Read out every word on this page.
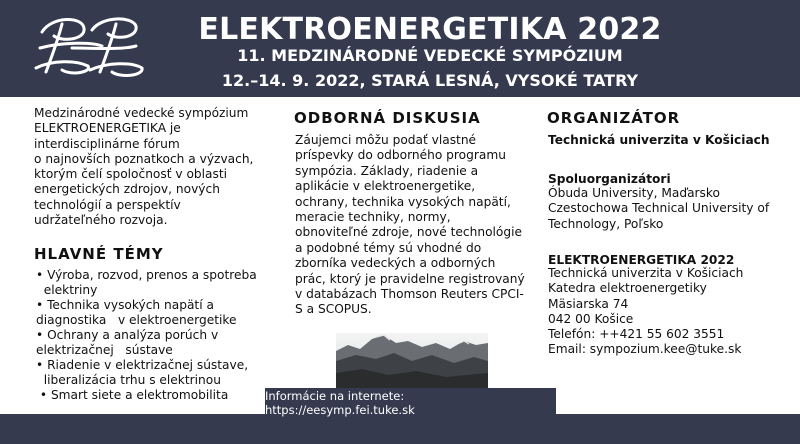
ELEKTROENERGETIKA 2022
11. MEDZINÁRODNÉ VEDECKÉ SYMPÓZIUM
12.–14. 9. 2022, STARÁ LESNÁ, VYSOKÉ TATRY
Medzinárodné vedecké sympózium
ELEKTROENERGETIKA je
interdisciplinárne fórum
o najnovších poznatkoch a výzvach,
ktorým čelí spoločnosť v oblasti
energetických zdrojov, nových
technológií a perspektív
udržateľného rozvoja.
HLAVNÉ TÉMY
• Výroba, rozvod, prenos a spotreba
elektriny
• Technika vysokých napätí a
diagnostika   v elektroenergetike
• Ochrany a analýza porúch v
elektrizačnej   sústave
• Riadenie v elektrizačnej sústave,
liberalizácia trhu s elektrinou
• Smart siete a elektromobilita
ODBORNÁ DISKUSIA
Záujemci môžu podať vlastné
príspevky do odborného programu
sympózia. Základy, riadenie a
aplikácie v elektroenergetike,
ochrany, technika vysokých napätí,
meracie techniky, normy,
obnoviteľné zdroje, nové technológie
a podobné témy sú vhodné do
zborníka vedeckých a odborných
prác, ktorý je pravidelne registrovaný
v databázach Thomson Reuters CPCI-
S a SCOPUS.
ORGANIZÁTOR
Technická univerzita v Košiciach
Spoluorganizátori
Óbuda University, Maďarsko
Czestochowa Technical University of
Technology, Poľsko
ELEKTROENERGETIKA 2022
Technická univerzita v Košiciach
Katedra elektroenergetiky
Mäsiarska 74
042 00 Košice
Telefón: ++421 55 602 3551
Email: sympozium.kee@tuke.sk
Informácie na internete: https://eesymp.fei.tuke.sk
